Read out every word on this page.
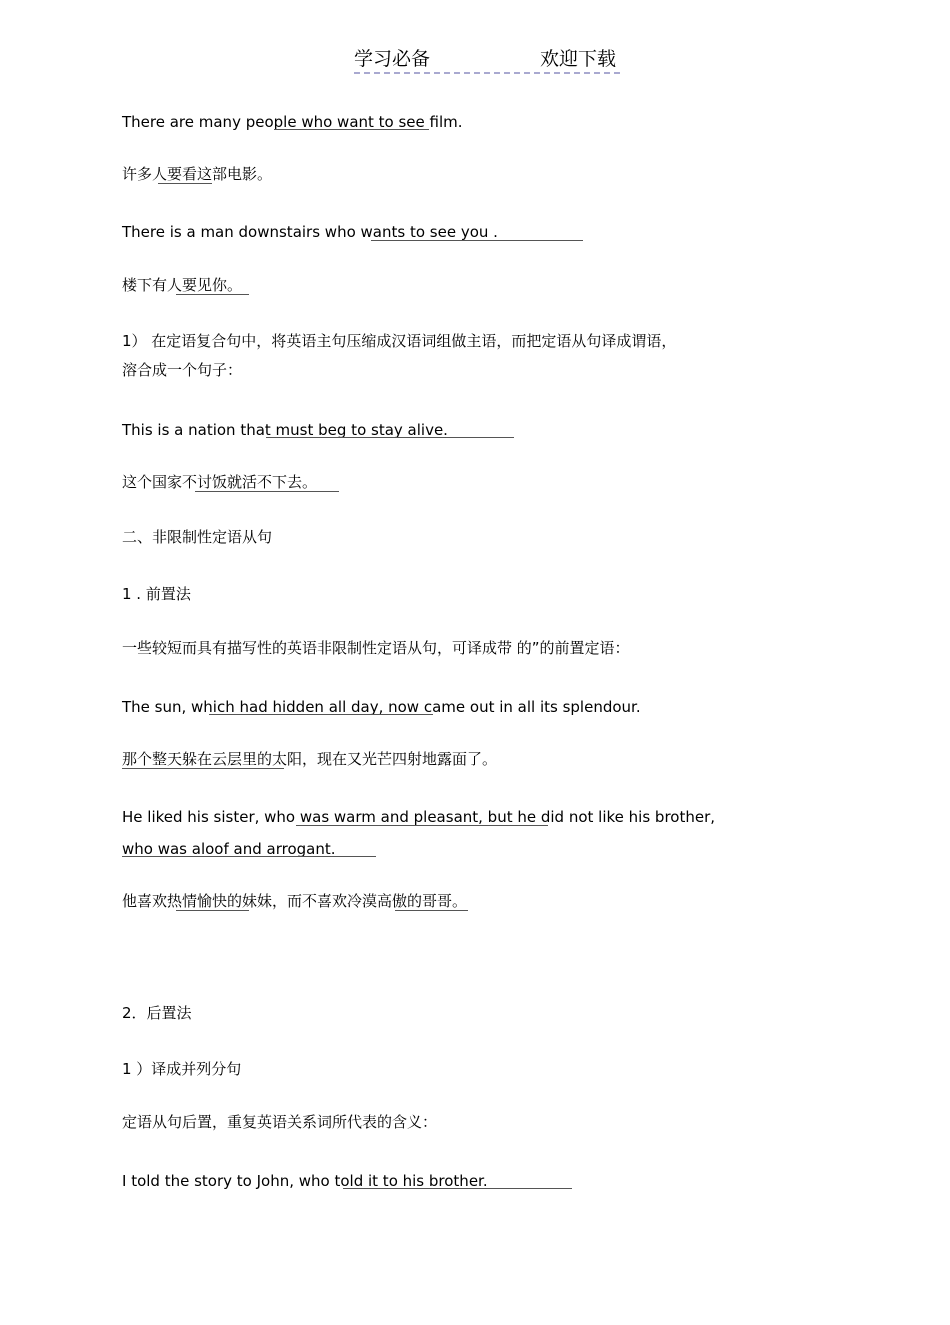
学习必备	欢迎下载
There are many people who want to see film.
许多人要看这部电影。
There is a man downstairs who wants to see you .
楼下有人要见你。
1） 在定语复合句中，将英语主句压缩成汉语词组做主语，而把定语从句译成谓语，
溶合成一个句子：
This is a nation that must beg to stay alive.
这个国家不讨饭就活不下去。
二、非限制性定语从句
1 . 前置法
一些较短而具有描写性的英语非限制性定语从句，可译成带 的”的前置定语：
The sun, which had hidden all day, now came out in all its splendour.
那个整天躲在云层里的太阳，现在又光芒四射地露面了。
He liked his sister, who was warm and pleasant, but he did not like his brother,
who was aloof and arrogant.
他喜欢热情愉快的妹妹，而不喜欢冷漠高傲的哥哥。
2．后置法
1 ）译成并列分句
定语从句后置，重复英语关系词所代表的含义：
I told the story to John, who told it to his brother.
